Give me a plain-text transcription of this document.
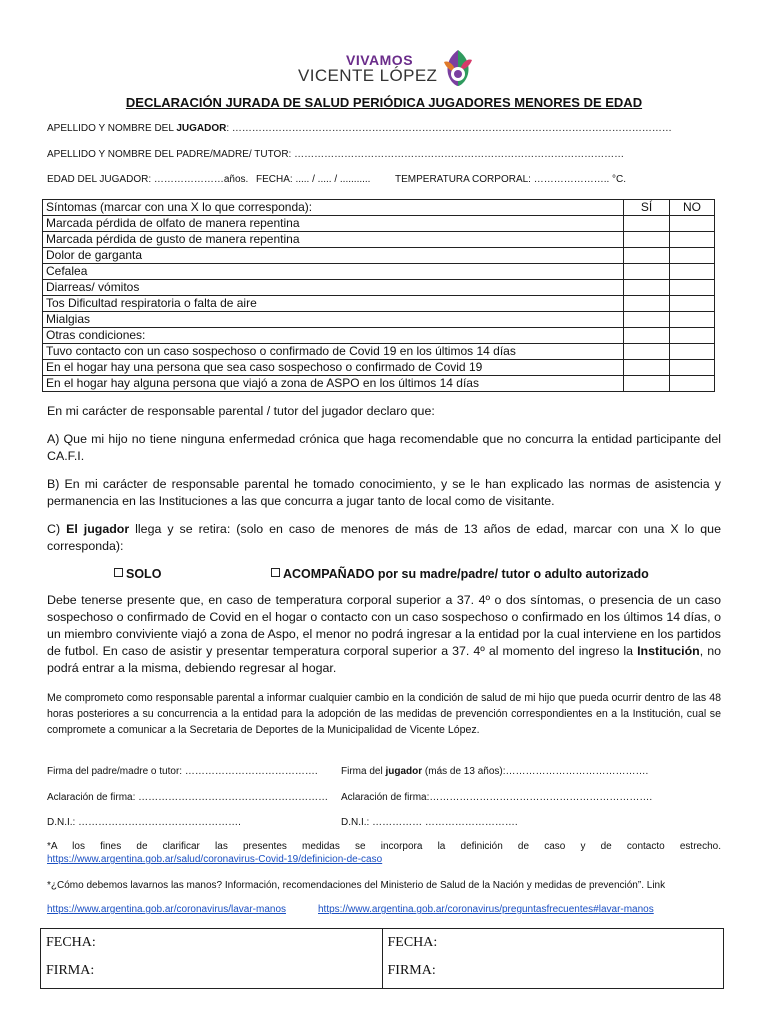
VIVAMOS
VICENTE LÓPEZ
DECLARACIÓN JURADA DE SALUD PERIÓDICA JUGADORES MENORES DE EDAD
APELLIDO Y NOMBRE DEL JUGADOR: ……………………………………………………………………………………………………………………
APELLIDO Y NOMBRE DEL PADRE/MADRE/ TUTOR: ………………………………………………………………………………………
EDAD DEL JUGADOR: …………………años. FECHA: ..... / ..... / ........... TEMPERATURA CORPORAL: ………………….. °C.
Síntomas (marcar con una X lo que corresponda):	SÍ	NO
Marcada pérdida de olfato de manera repentina		
Marcada pérdida de gusto de manera repentina		
Dolor de garganta		
Cefalea		
Diarreas/ vómitos		
Tos Dificultad respiratoria o falta de aire		
Mialgias		
Otras condiciones:		
Tuvo contacto con un caso sospechoso o confirmado de Covid 19 en los últimos 14 días		
En el hogar hay una persona que sea caso sospechoso o confirmado de Covid 19		
En el hogar hay alguna persona que viajó a zona de ASPO en los últimos 14 días		
En mi carácter de responsable parental / tutor del jugador declaro que:
A) Que mi hijo no tiene ninguna enfermedad crónica que haga recomendable que no concurra la entidad participante del CA.F.I.
B) En mi carácter de responsable parental he tomado conocimiento, y se le han explicado las normas de asistencia y permanencia en las Instituciones a las que concurra a jugar tanto de local como de visitante.
C) El jugador llega y se retira: (solo en caso de menores de más de 13 años de edad, marcar con una X lo que corresponda):
SOLO	ACOMPAÑADO por su madre/padre/ tutor o adulto autorizado
Debe tenerse presente que, en caso de temperatura corporal superior a 37. 4º o dos síntomas, o presencia de un caso sospechoso o confirmado de Covid en el hogar o contacto con un caso sospechoso o confirmado en los últimos 14 días, o un miembro conviviente viajó a zona de Aspo, el menor no podrá ingresar a la entidad por la cual interviene en los partidos de futbol. En caso de asistir y presentar temperatura corporal superior a 37. 4º al momento del ingreso la Institución, no podrá entrar a la misma, debiendo regresar al hogar.
Me comprometo como responsable parental a informar cualquier cambio en la condición de salud de mi hijo que pueda ocurrir dentro de las 48 horas posteriores a su concurrencia a la entidad para la adopción de las medidas de prevención correspondientes en a la Institución, cual se compromete a comunicar a la Secretaria de Deportes de la Municipalidad de Vicente López.
Firma del padre/madre o tutor: …………………………………. Firma del jugador (más de 13 años):…………………………………….
Aclaración de firma: ………………………………………………… Aclaración de firma:………………………………………………………….
D.N.I.: ………………………………………….	D.N.I.: …………… ……………………….
*A los fines de clarificar las presentes medidas se incorpora la definición de caso y de contacto estrecho.
https://www.argentina.gob.ar/salud/coronavirus-Covid-19/definicion-de-caso
*¿Cómo debemos lavarnos las manos? Información, recomendaciones del Ministerio de Salud de la Nación y medidas de prevención”. Link
https://www.argentina.gob.ar/coronavirus/lavar-manos	https://www.argentina.gob.ar/coronavirus/preguntasfrecuentes#lavar-manos
FECHA:
FIRMA:

FECHA:
FIRMA:
